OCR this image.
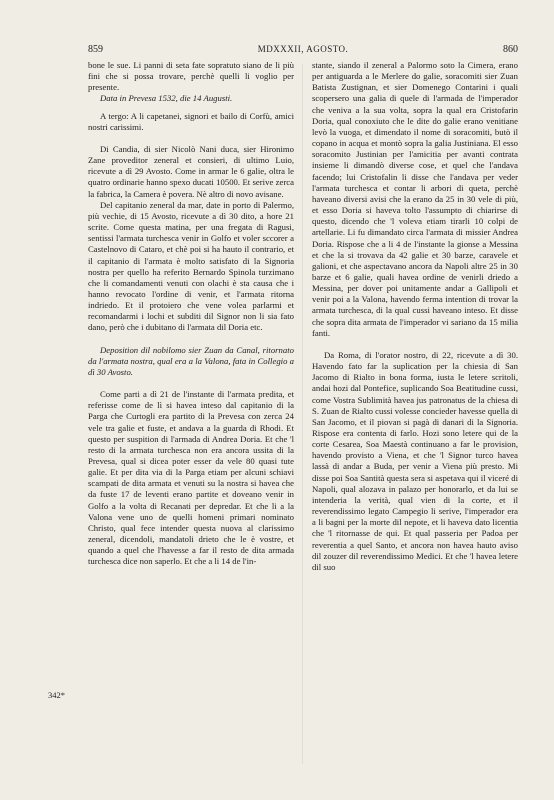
859	MDXXXII, AGOSTO.	860

bone le sue. Li panni di seta fate sopratuto siano de li più fini che si possa trovare, perchè quelli li voglio per presente.

Data in Prevesa 1532, die 14 Augusti.

A tergo: A li capetanei, signori et bailo di Corfù, amici nostri carissimi.

Di Candia, di sier Nicolò Nani duca, sier Hironimo Zane proveditor zeneral et consieri, di ultimo Luio, ricevute a dì 29 Avosto. Come in armar le 6 galie, oltra le quatro ordinarie hanno spexo ducati 10500. Et serive zerca la fabrica, la Camera è povera. Nè altro di novo avisane.

Del capitanio zeneral da mar, date in porto di Palermo, più vechie, di 15 Avosto, ricevute a dì 30 dito, a hore 21 scrite. Come questa matina, per una fregata di Ragusi, sentissi l'armata turchesca venir in Golfo et voler sccorer a Castelnovo di Cataro, et chè poi si ha hauto il contrario, et il capitanio di l'armata è molto satisfato di la Signoria nostra per quello ha referito Bernardo Spinola turzimano che li comandamenti venuti con olachi è sta causa che i hanno revocato l'ordine di venir, et l'armata ritorna indriedo. Et il protoiero che vene volea parlarmi et recomandarmi i lochi et subditi dil Signor non li sia fato dano, però che i dubitano di l'armata dil Doria etc.

Deposition dil nobilomo sier Zuan da Canal, ritornato da l'armata nostra, qual era a la Valona, fata in Collegio a dì 30 Avosto.

Come parti a dì 21 de l'instante di l'armata predita, et referisse come de lì si havea inteso dal capitanio di la Parga che Curtogli era partito di la Prevesa con zerca 24 vele tra galie et fuste, et andava a la guarda di Rhodi. Et questo per suspition di l'armada di Andrea Doria. Et che 'l resto di la armata turchesca non era ancora ussita di la Prevesa, qual si dicea poter esser da vele 80 quasi tute galie. Et per dita via di la Parga etiam per alcuni schiavi scampati de dita armata et venuti su la nostra si havea che da fuste 17 de leventi erano partite et doveano venir in Golfo a la volta di Recanati per depredar. Et che li a la Valona vene uno de quelli homeni primari nominato Christo, qual fece intender questa nuova al clarissimo zeneral, dicendoli, mandatoli drieto che le è vostre, et quando a quel che l'havesse a far il resto de dita armada turchesca dice non saperlo. Et che a li 14 de l'in-

stante, siando il zeneral a Palormo soto la Cimera, erano per antiguarda a le Merlere do galie, soracomiti sier Zuan Batista Zustignan, et sier Domenego Contarini i quali scopersero una galia di quele di l'armada de l'imperador che veniva a la sua volta, sopra la qual era Cristofarin Doria, qual conoxiuto che le dite do galie erano venitiane levò la vuoga, et dimendato il nome di soracomiti, butò il copano in acqua et montò sopra la galia Justiniana. El esso soracomito Justinian per l'amicitia per avanti contrata insieme li dimandò diverse cose, et quel che l'andava facendo; lui Cristofalin li disse che l'andava per veder l'armata turchesca et contar li arbori di queta, perchè haveano diversi avisi che la erano da 25 in 30 vele di più, et esso Doria si haveva tolto l'assumpto di chiarirse di questo, dicendo che 'l voleva etiam tirarli 10 colpi de artellarie. Li fu dimandato circa l'armata di missier Andrea Doria. Rispose che a li 4 de l'instante la gionse a Messina et che la si trovava da 42 galie et 30 barze, caravele et galioni, et che aspectavano ancora da Napoli altre 25 in 30 barze et 6 galie, quali havea ordine de venirli driedo a Messina, per dover poi unitamente andar a Gallipoli et venir poi a la Valona, havendo ferma intention di trovar la armata turchesca, di la qual cussi haveano inteso. Et disse che sopra dita armata de l'imperador vi sariano da 15 milia fanti.

Da Roma, di l'orator nostro, di 22, ricevute a dì 30. Havendo fato far la suplication per la chiesia di San Jacomo di Rialto in bona forma, iusta le letere scritoli, andai hozi dal Pontefice, suplicando Soa Beatitudine cussi, come Vostra Sublimità havea jus patronatus de la chiesa di S. Zuan de Rialto cussi volesse concieder havesse quella di San Jacomo, et il piovan si pagà di danari di la Signoria. Rispose era contenta di farlo. Hozi sono letere qui de la corte Cesarea, Soa Maestà continuano a far le provision, havendo provisto a Viena, et che 'l Signor turco havea lassà di andar a Buda, per venir a Viena più presto. Mi disse poi Soa Santità questa sera si aspetava qui il viceré di Napoli, qual alozava in palazo per honorarlo, et da lui se intenderia la verità, qual vien di la corte, et il reverendissimo legato Campegio li serive, l'imperador era a li bagni per la morte dil nepote, et li haveva dato licentia che 'l ritornasse de qui. Et qual passeria per Padoa per reverentia a quel Santo, et ancora non havea hauto aviso dil zouzer dil reverendissimo Medici. Et che 'l havea letere dil suo

342*
